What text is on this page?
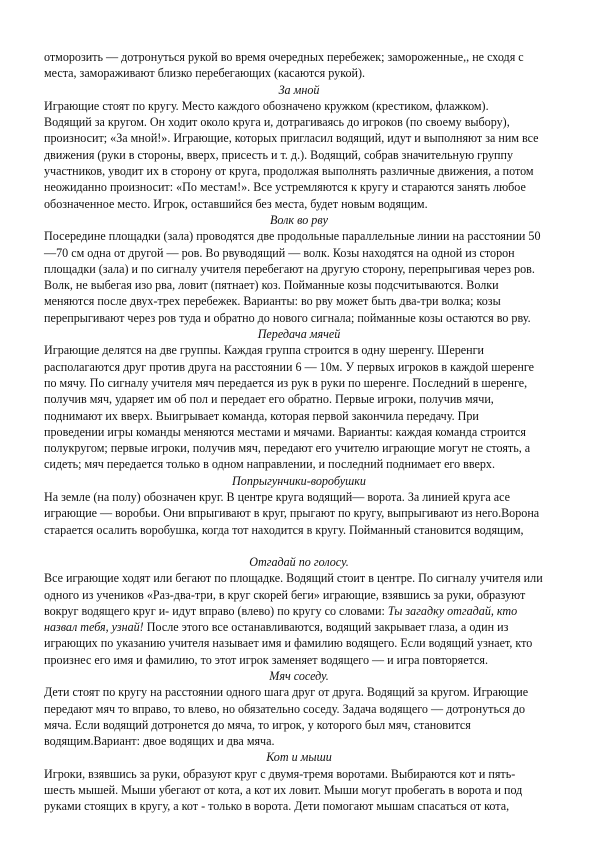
отморозить — дотронуться рукой во время очередных перебежек; замороженные,, не сходя с

места, замораживают близко перебегающих (касаются рукой).

За мной

Играющие стоят по кругу. Место каждого обозначено кружком (крестиком, флажком).

Водящий за кругом. Он ходит около круга и, дотрагиваясь до игроков (по своему выбору),

произносит; «За мной!». Играющие, которых пригласил водящий, идут и выполняют за ним все

движения (руки в стороны, вверх, присесть и т. д.). Водящий, собрав значительную группу

участников, уводит их в сторону от круга, продолжая выполнять различные движения, а потом

неожиданно произносит: «По местам!». Все устремляются к кругу и стараются занять любое

обозначенное место. Игрок, оставшийся без места, будет новым водящим.

Волк во рву

Посередине площадки (зала) проводятся две продольные параллельные линии на расстоянии 50

—70 см одна от другой — ров. Во рвуводящий — волк. Козы находятся на одной из сторон

площадки (зала) и по сигналу учителя перебегают на другую сторону, перепрыгивая через ров.

Волк, не выбегая изо рва, ловит (пятнает) коз. Пойманные козы подсчитываются. Волки

меняются после двух-трех перебежек. Варианты: во рву может быть два-три волка; козы

перепрыгивают через ров туда и обратно до нового сигнала; пойманные козы остаются во рву.

Передача мячей

Играющие делятся на две группы. Каждая группа строится в одну шеренгу. Шеренги

располагаются друг против друга на расстоянии 6 — 10м. У первых игроков в каждой шеренге

по мячу. По сигналу учителя мяч передается из рук в руки по шеренге. Последний в шеренге,

получив мяч, ударяет им об пол и передает его обратно. Первые игроки, получив мячи,

поднимают их вверх. Выигрывает команда, которая первой закончила передачу. При

проведении игры команды меняются местами и мячами. Варианты: каждая команда строится

полукругом; первые игроки, получив мяч, передают его учителю играющие могут не стоять, а

сидеть; мяч передается только в одном направлении, и последний поднимает его вверх.

Попрыгунчики-воробушки

На земле (на полу) обозначен круг. В центре круга водящий— ворота. За линией круга асе

играющие — воробьи. Они впрыгивают в круг, прыгают по кругу, выпрыгивают из него.Ворона

старается осалить воробушка, когда тот находится в кругу. Пойманный становится водящим,

Отгадай по голосу.

Все играющие ходят или бегают по площадке. Водящий стоит в центре. По сигналу учителя или

одного из учеников «Раз-два-три, в круг скорей беги» играющие, взявшись за руки, образуют

вокруг водящего круг и- идут вправо (влево) по кругу со словами: Ты загадку отгадай, кто

назвал тебя, узнай! После этого все останавливаются, водящий закрывает глаза, а один из

играющих по указанию учителя называет имя и фамилию водящего. Если водящий узнает, кто

произнес его имя и фамилию, то этот игрок заменяет водящего — и игра повторяется.

Мяч соседу.

Дети стоят по кругу на расстоянии одного шага друг от друга. Водящий за кругом. Играющие

передают мяч то вправо, то влево, но обязательно соседу. Задача водящего — дотронуться до

мяча. Если водящий дотронется до мяча, то игрок, у которого был мяч, становится

водящим.Вариант: двое водящих и два мяча.

Кот и мыши

Игроки, взявшись за руки, образуют круг с двумя-тремя воротами. Выбираются кот и пять-

шесть мышей. Мыши убегают от кота, а кот их ловит. Мыши могут пробегать в ворота и под

руками стоящих в кругу, а кот - только в ворота. Дети помогают мышам спасаться от кота,
